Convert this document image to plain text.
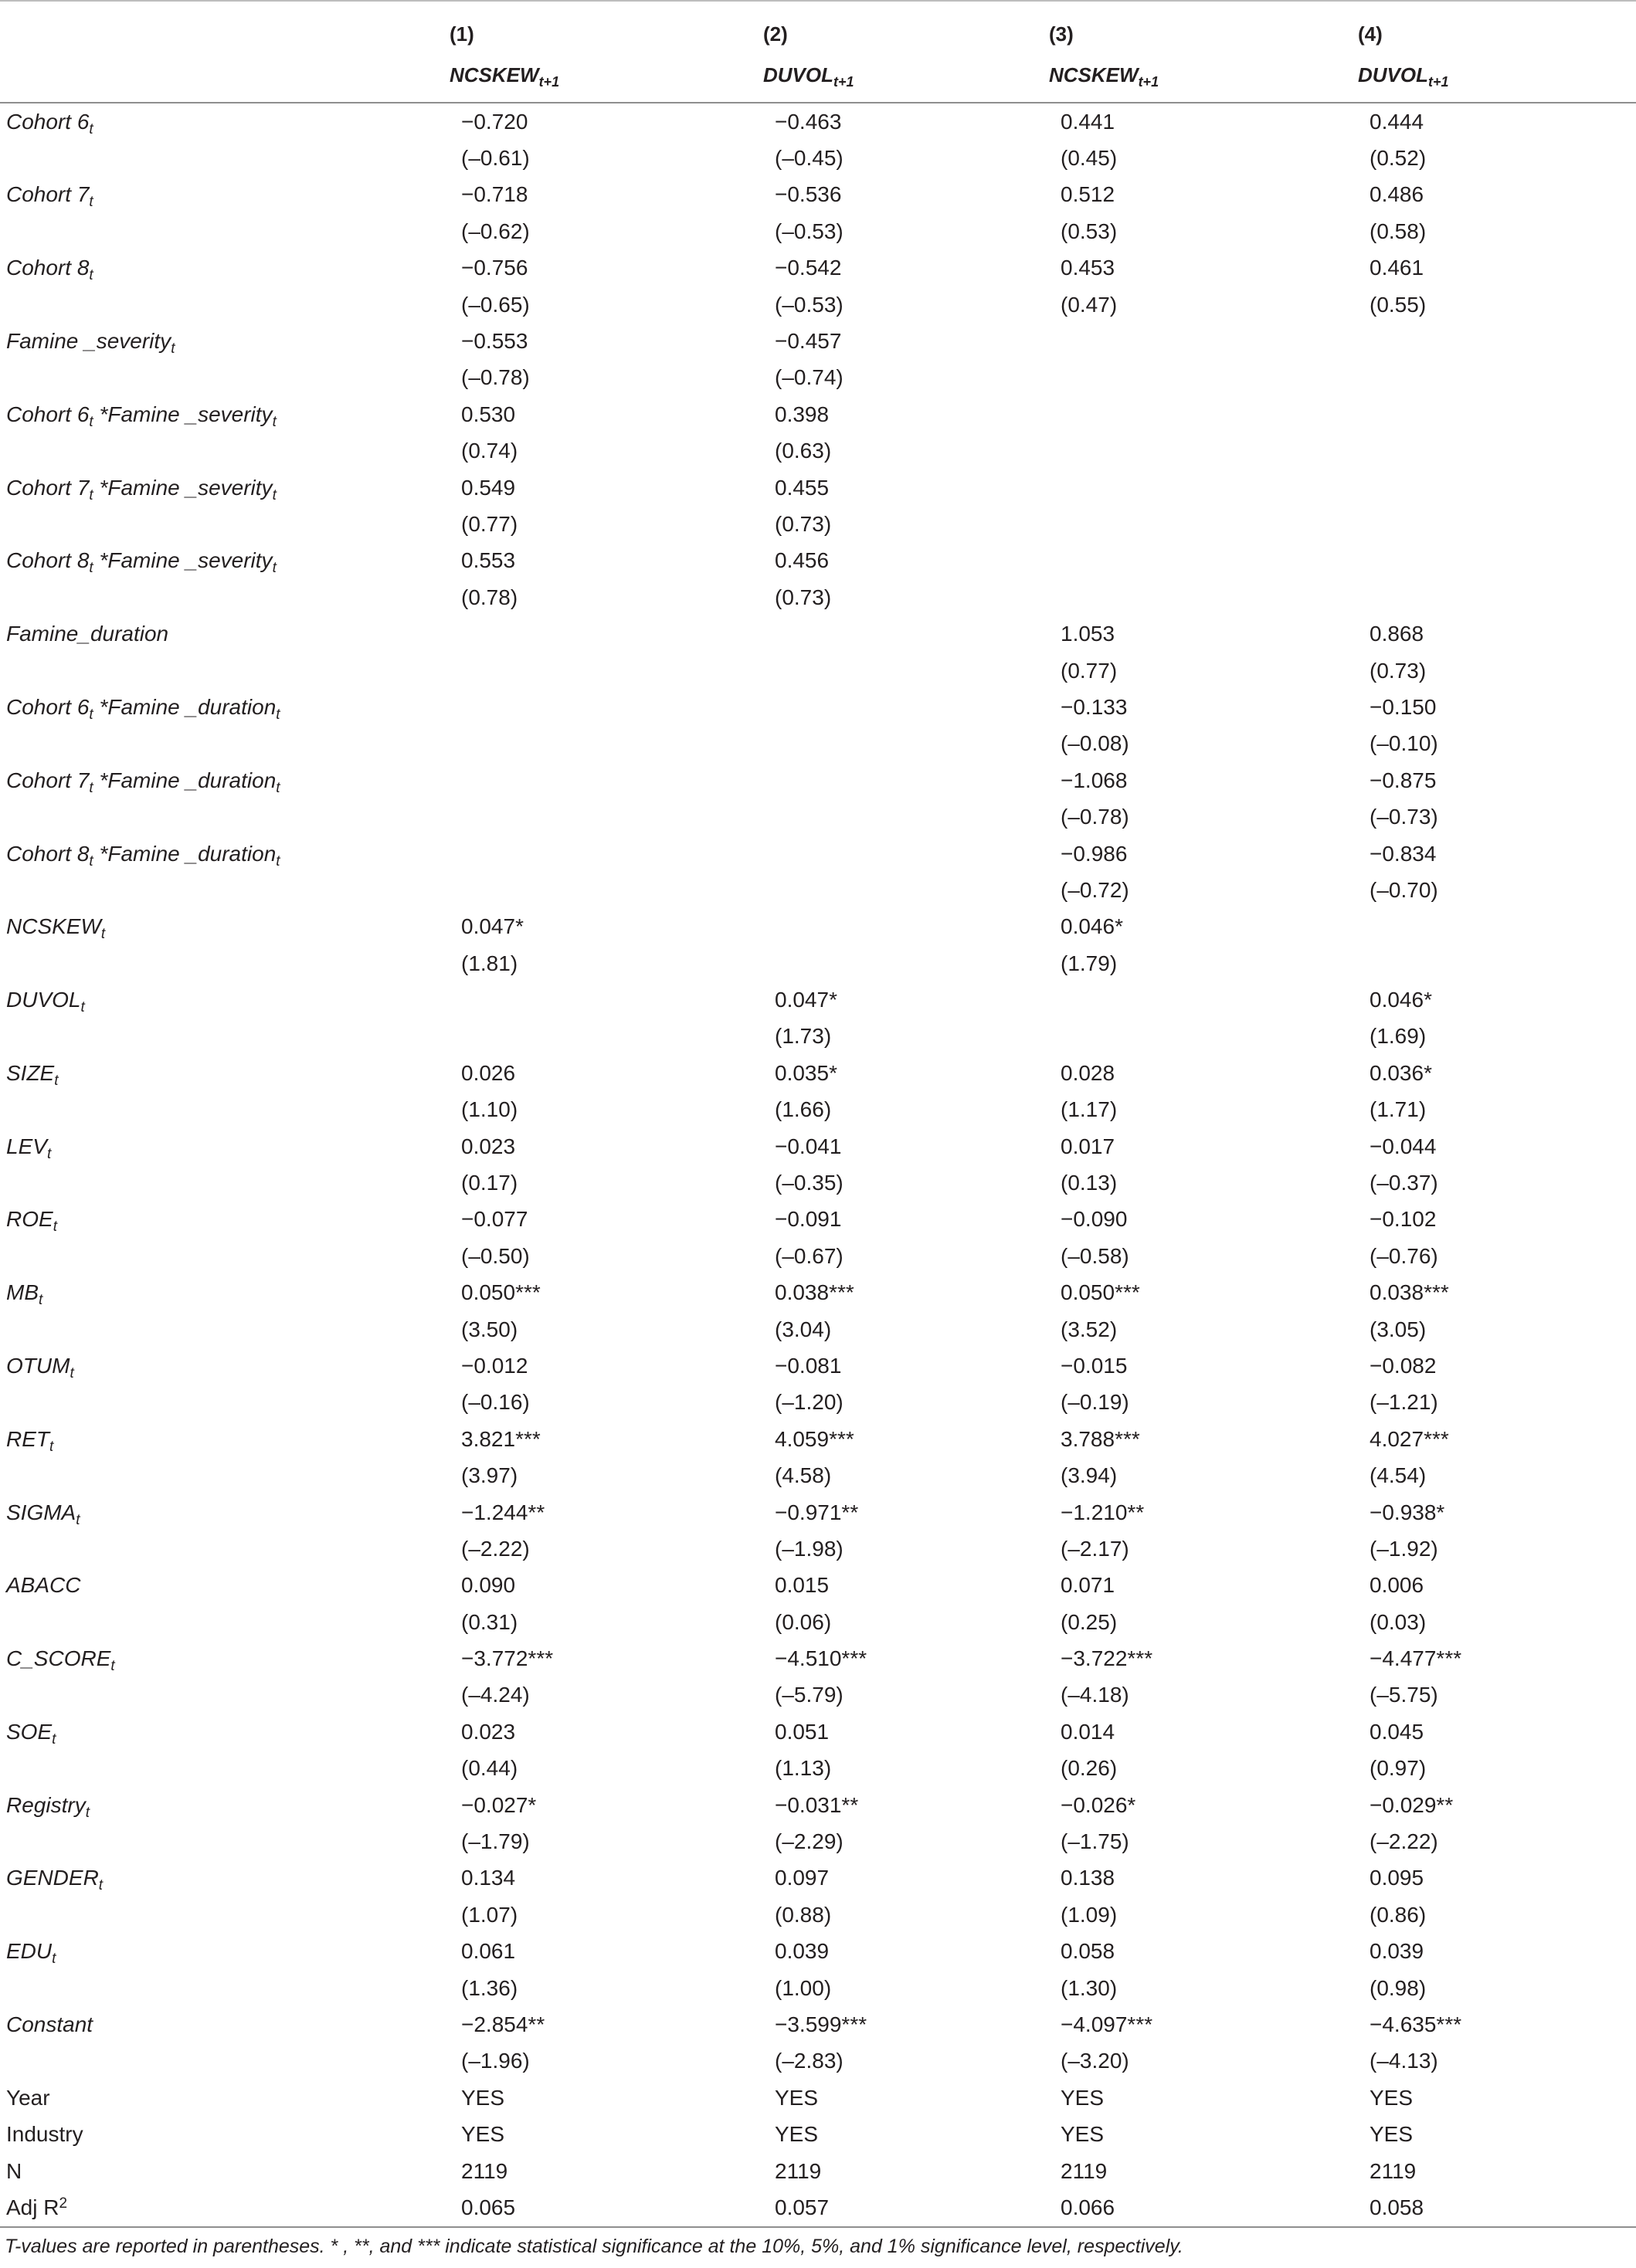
	(1)	(2)	(3)	(4)
	$NCSKEW_{t+1}$	$DUVOL_{t+1}$	$NCSKEW_{t+1}$	$DUVOL_{t+1}$
Cohort $6_t$	−0.720	−0.463	0.441	0.444
	(–0.61)	(–0.45)	(0.45)	(0.52)
Cohort $7_t$	−0.718	−0.536	0.512	0.486
	(–0.62)	(–0.53)	(0.53)	(0.58)
Cohort $8_t$	−0.756	−0.542	0.453	0.461
	(–0.65)	(–0.53)	(0.47)	(0.55)
Famine _severity$_t$	−0.553	−0.457		
	(–0.78)	(–0.74)		
Cohort $6_t$ *Famine _severity$_t$	0.530	0.398		
	(0.74)	(0.63)		
Cohort $7_t$ *Famine _severity$_t$	0.549	0.455		
	(0.77)	(0.73)		
Cohort $8_t$ *Famine _severity$_t$	0.553	0.456		
	(0.78)	(0.73)		
Famine_duration			1.053	0.868
			(0.77)	(0.73)
Cohort $6_t$ *Famine _duration$_t$			−0.133	−0.150
			(–0.08)	(–0.10)
Cohort $7_t$ *Famine _duration$_t$			−1.068	−0.875
			(–0.78)	(–0.73)
Cohort $8_t$ *Famine _duration$_t$			−0.986	−0.834
			(–0.72)	(–0.70)
$NCSKEW_t$	0.047*		0.046*	
	(1.81)		(1.79)	
$DUVOL_t$		0.047*		0.046*
		(1.73)		(1.69)
$SIZE_t$	0.026	0.035*	0.028	0.036*
	(1.10)	(1.66)	(1.17)	(1.71)
$LEV_t$	0.023	−0.041	0.017	−0.044
	(0.17)	(–0.35)	(0.13)	(–0.37)
$ROE_t$	−0.077	−0.091	−0.090	−0.102
	(–0.50)	(–0.67)	(–0.58)	(–0.76)
$MB_t$	0.050***	0.038***	0.050***	0.038***
	(3.50)	(3.04)	(3.52)	(3.05)
$OTUM_t$	−0.012	−0.081	−0.015	−0.082
	(–0.16)	(–1.20)	(–0.19)	(–1.21)
$RET_t$	3.821***	4.059***	3.788***	4.027***
	(3.97)	(4.58)	(3.94)	(4.54)
$SIGMA_t$	−1.244**	−0.971**	−1.210**	−0.938*
	(–2.22)	(–1.98)	(–2.17)	(–1.92)
ABACC	0.090	0.015	0.071	0.006
	(0.31)	(0.06)	(0.25)	(0.03)
$C\_SCORE_t$	−3.772***	−4.510***	−3.722***	−4.477***
	(–4.24)	(–5.79)	(–4.18)	(–5.75)
$SOE_t$	0.023	0.051	0.014	0.045
	(0.44)	(1.13)	(0.26)	(0.97)
Registry$_t$	−0.027*	−0.031**	−0.026*	−0.029**
	(–1.79)	(–2.29)	(–1.75)	(–2.22)
$GENDER_t$	0.134	0.097	0.138	0.095
	(1.07)	(0.88)	(1.09)	(0.86)
$EDU_t$	0.061	0.039	0.058	0.039
	(1.36)	(1.00)	(1.30)	(0.98)
Constant	−2.854**	−3.599***	−4.097***	−4.635***
	(–1.96)	(–2.83)	(–3.20)	(–4.13)
Year	YES	YES	YES	YES
Industry	YES	YES	YES	YES
N	2119	2119	2119	2119
Adj $R^2$	0.065	0.057	0.066	0.058
T-values are reported in parentheses. * , **, and *** indicate statistical significance at the 10%, 5%, and 1% significance level, respectively.
